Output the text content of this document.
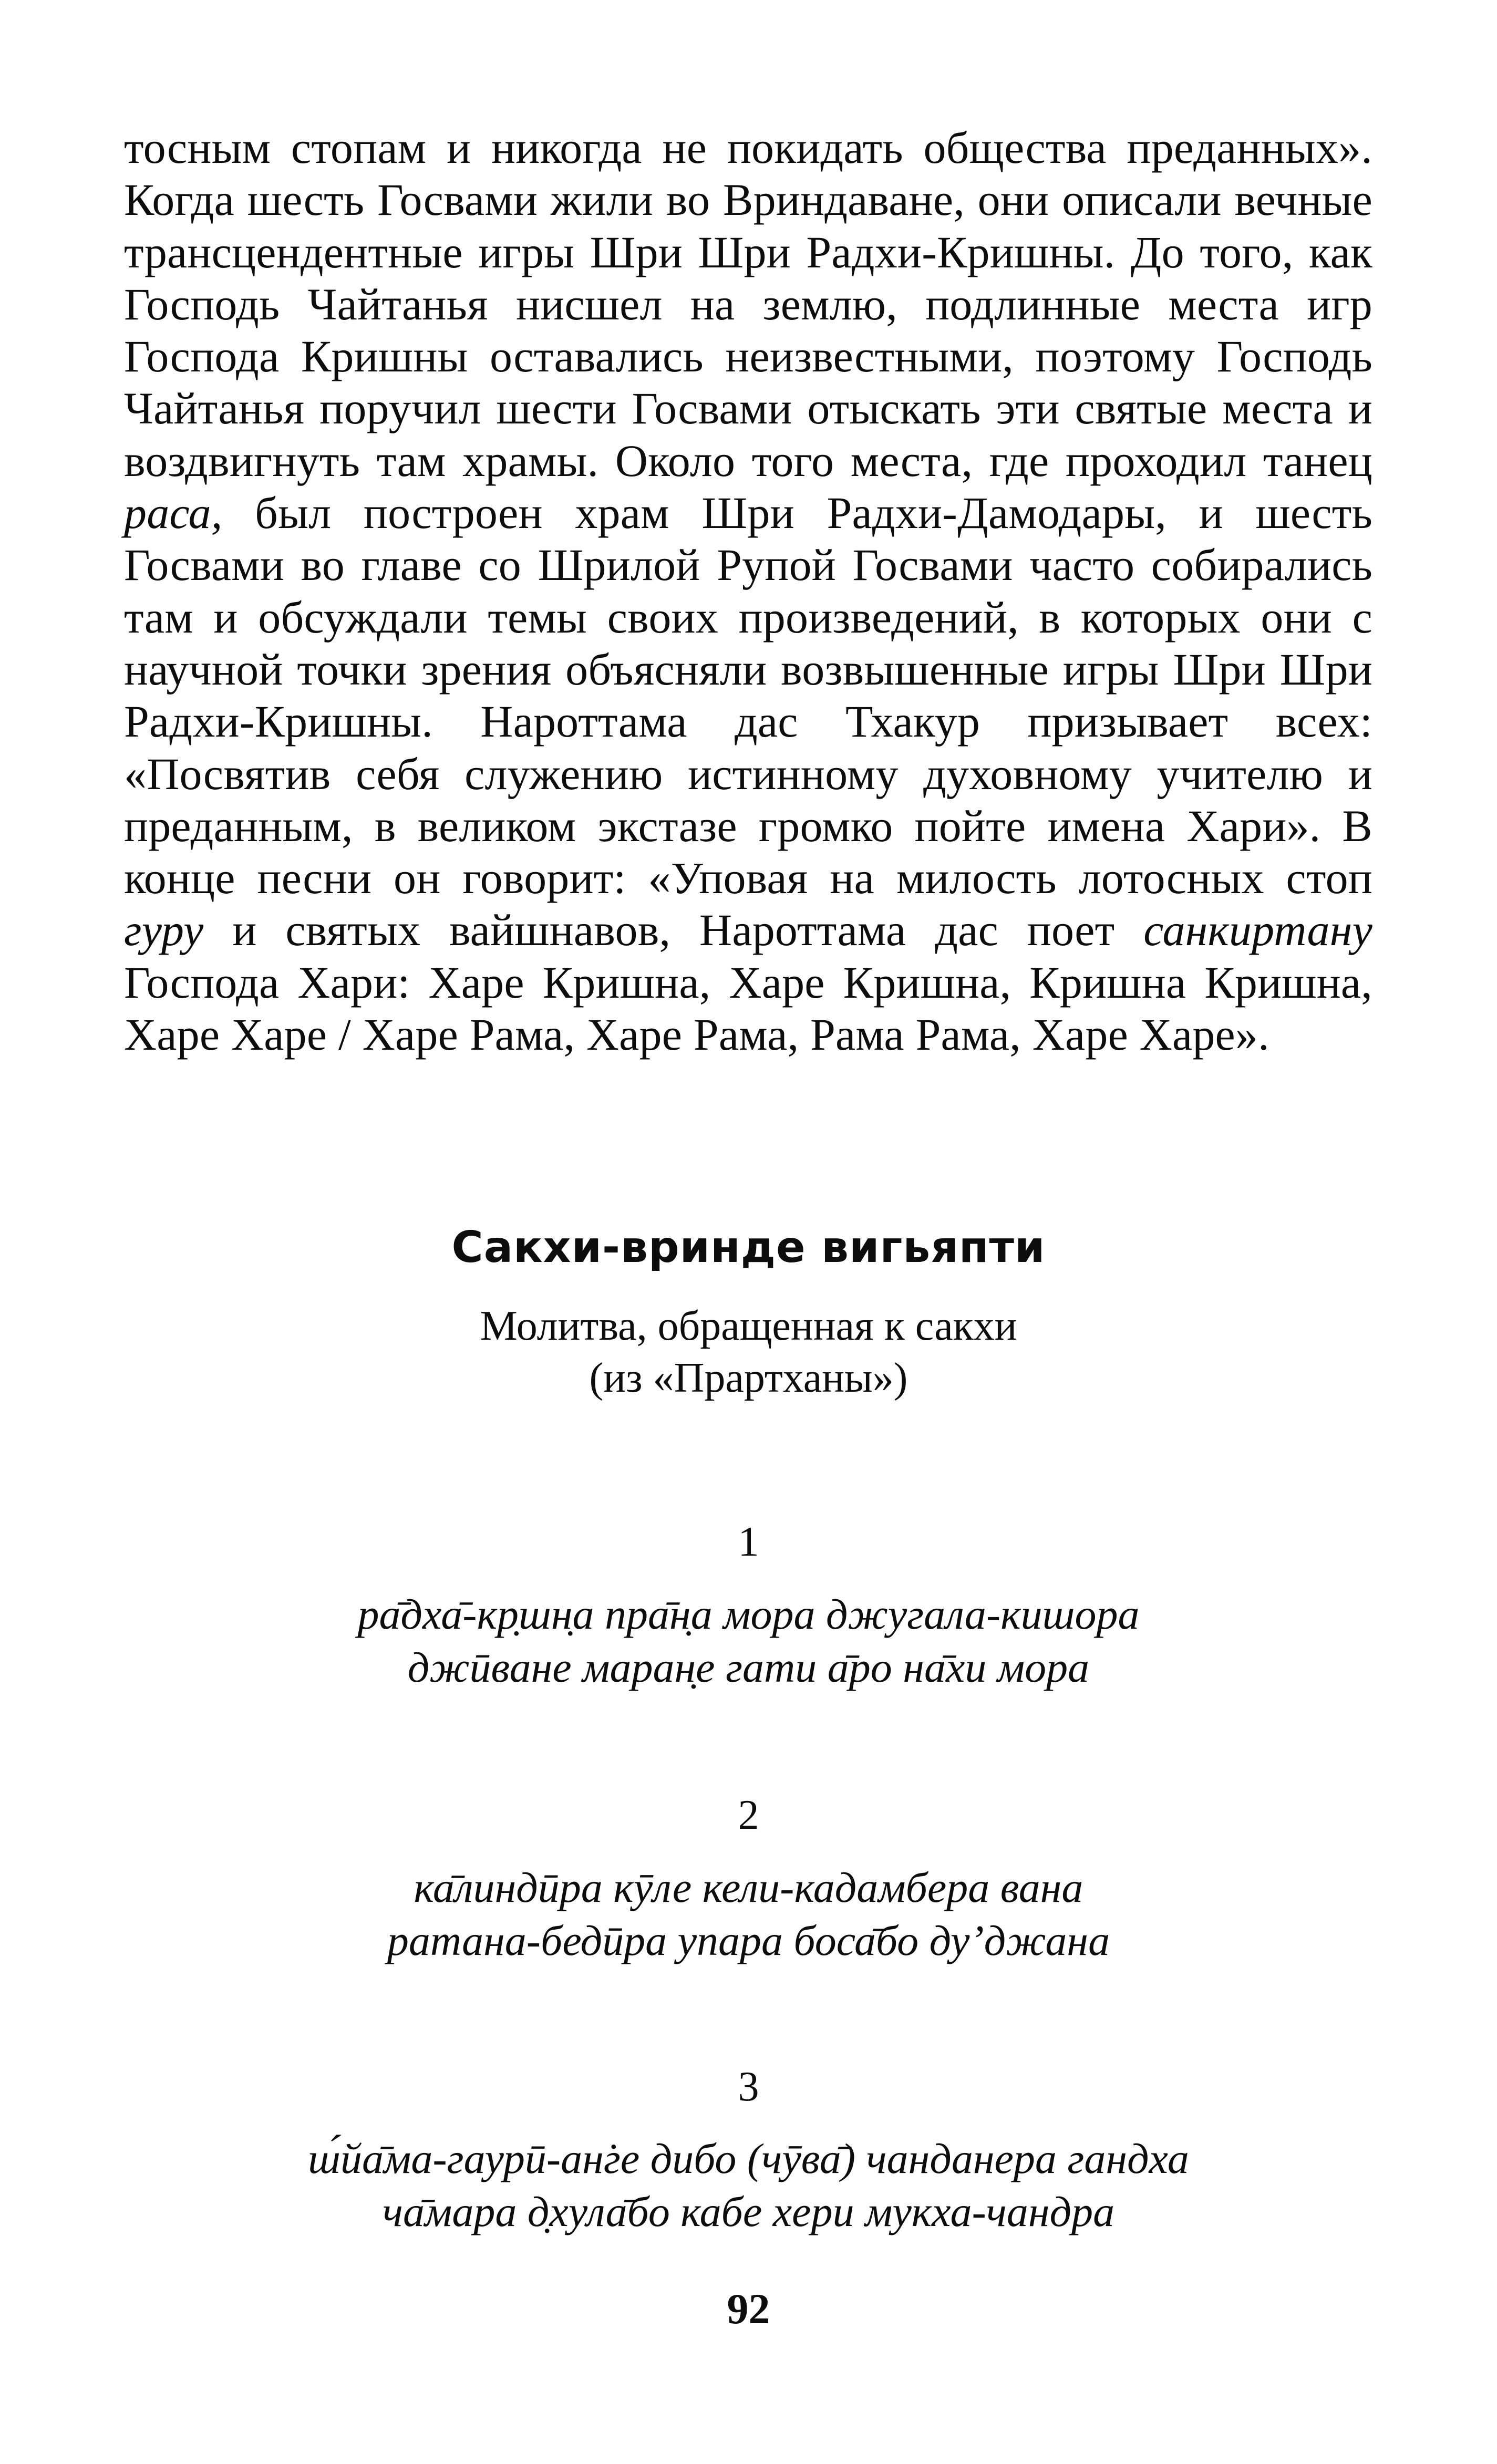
тосным стопам и никогда не покидать общества преданных». Когда шесть Госвами жили во Вриндаване, они описали вечные трансцендентные игры Шри Шри Радхи-Кришны. До того, как Господь Чайтанья нисшел на землю, подлинные места игр Господа Кришны оставались неизвестными, поэтому Господь Чайтанья поручил шести Госвами отыскать эти святые места и воздвигнуть там храмы. Около того места, где проходил танец раса, был построен храм Шри Радхи-Дамодары, и шесть Госвами во главе со Шрилой Рупой Госвами часто собирались там и обсуждали темы своих произведений, в которых они с научной точки зрения объясняли возвышенные игры Шри Шри Радхи-Кришны. Нароттама дас Тхакур призывает всех: «Посвятив себя служению истинному духовному учителю и преданным, в великом экстазе громко пойте имена Хари». В конце песни он говорит: «Уповая на милость лотосных стоп гуру и святых вайшнавов, Нароттама дас поет санкиртану Господа Хари: Харе Кришна, Харе Кришна, Кришна Кришна, Харе Харе / Харе Рама, Харе Рама, Рама Рама, Харе Харе».

Сакхи-вринде вигьяпти
Молитва, обращенная к сакхи
(из «Прартханы»)
1
ра̄дха̄-кр̣шн̣а пра̄н̣а мора джугала-кишора
джӣване маран̣е гати а̄ро на̄хи мора
2
ка̄линдӣра кӯле кели-кадамбера вана
ратана-бедӣра упара боса̄бо ду’джана
3
ш́йа̄ма-гаурӣ-ан̇ге дибо (чӯва̄) чанданера гандха
ча̄мара д̣хула̄бо кабе хери мукха-чандра
92
